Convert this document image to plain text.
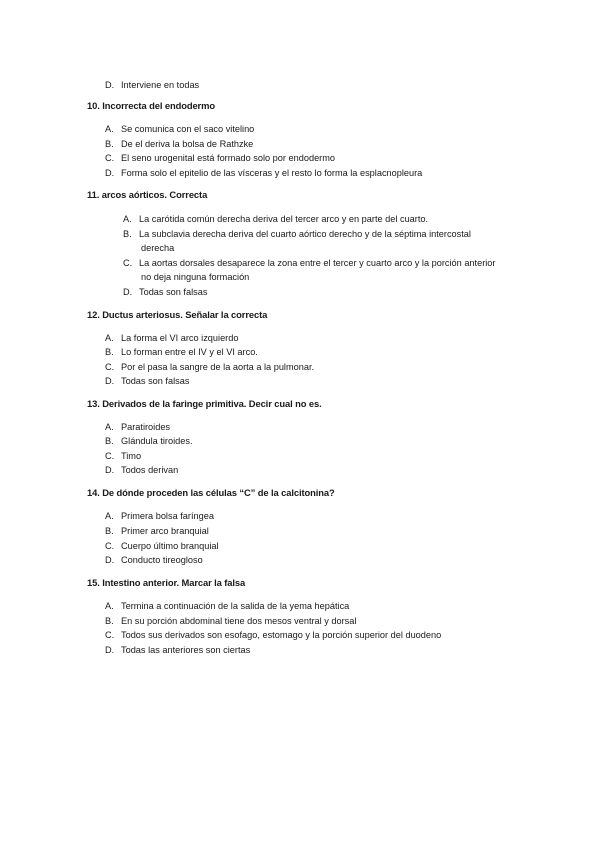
D. Interviene en todas
10. Incorrecta del endodermo
A. Se comunica con el saco vitelino
B. De el deriva la bolsa de Rathzke
C. El seno urogenital está formado solo por endodermo
D. Forma solo el epitelio de las vísceras y el resto lo forma la esplacnopleura
11. arcos aórticos. Correcta
A. La carótida común derecha deriva del tercer arco y en parte del cuarto.
B. La subclavia derecha deriva del cuarto aórtico derecho y de la séptima intercostal
derecha
C. La aortas dorsales desaparece la zona entre el tercer y cuarto arco y la porción anterior
no deja ninguna formación
D. Todas son falsas
12. Ductus arteriosus. Señalar la correcta
A. La forma el VI arco izquierdo
B. Lo forman entre el IV y el VI arco.
C. Por el pasa la sangre de la aorta a la pulmonar.
D. Todas son falsas
13. Derivados de la faringe primitiva. Decir cual no es.
A. Paratiroides
B. Glándula tiroides.
C. Timo
D. Todos derivan
14. De dónde proceden las células “C” de la calcitonina?
A. Primera bolsa faríngea
B. Primer arco branquial
C. Cuerpo último branquial
D. Conducto tireogloso
15. Intestino anterior. Marcar la falsa
A. Termina a continuación de la salida de la yema hepática
B. En su porción abdominal tiene dos mesos ventral y dorsal
C. Todos sus derivados son esofago, estomago y la porción superior del duodeno
D. Todas las anteriores son ciertas
